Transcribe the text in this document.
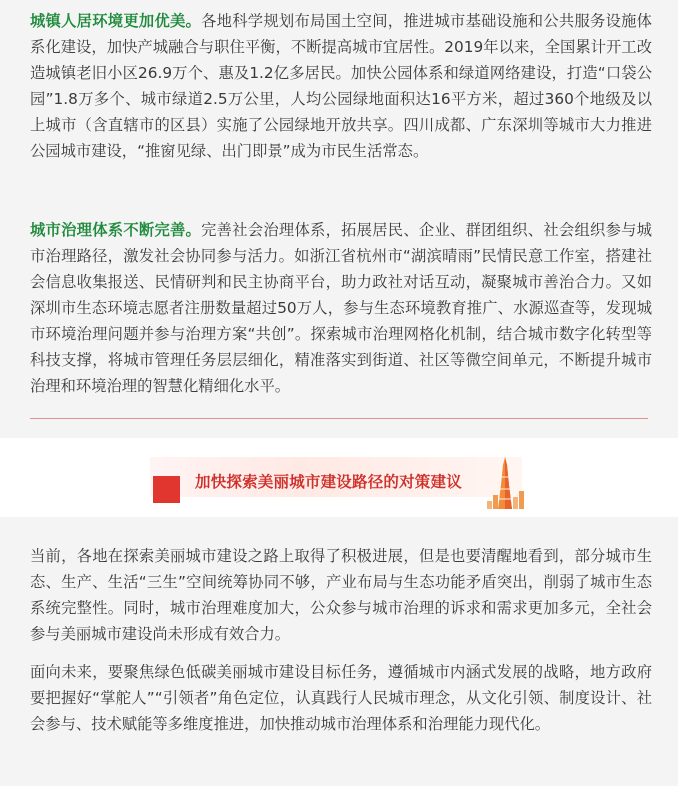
城镇人居环境更加优美。各地科学规划布局国土空间，推进城市基础设施和公共服务设施体系化建设，加快产城融合与职住平衡，不断提高城市宜居性。2019年以来，全国累计开工改造城镇老旧小区26.9万个、惠及1.2亿多居民。加快公园体系和绿道网络建设，打造“口袋公园”1.8万多个、城市绿道2.5万公里，人均公园绿地面积达16平方米，超过360个地级及以上城市（含直辖市的区县）实施了公园绿地开放共享。四川成都、广东深圳等城市大力推进公园城市建设，“推窗见绿、出门即景”成为市民生活常态。
城市治理体系不断完善。完善社会治理体系，拓展居民、企业、群团组织、社会组织参与城市治理路径，激发社会协同参与活力。如浙江省杭州市“湖滨晴雨”民情民意工作室，搭建社会信息收集报送、民情研判和民主协商平台，助力政社对话互动，凝聚城市善治合力。又如深圳市生态环境志愿者注册数量超过50万人，参与生态环境教育推广、水源巡查等，发现城市环境治理问题并参与治理方案“共创”。探索城市治理网格化机制，结合城市数字化转型等科技支撑，将城市管理任务层层细化，精准落实到街道、社区等微空间单元，不断提升城市治理和环境治理的智慧化精细化水平。
加快探索美丽城市建设路径的对策建议
当前，各地在探索美丽城市建设之路上取得了积极进展，但是也要清醒地看到，部分城市生态、生产、生活“三生”空间统筹协同不够，产业布局与生态功能矛盾突出，削弱了城市生态系统完整性。同时，城市治理难度加大，公众参与城市治理的诉求和需求更加多元，全社会参与美丽城市建设尚未形成有效合力。
面向未来，要聚焦绿色低碳美丽城市建设目标任务，遵循城市内涵式发展的战略，地方政府要把握好“掌舵人”“引领者”角色定位，认真践行人民城市理念，从文化引领、制度设计、社会参与、技术赋能等多维度推进，加快推动城市治理体系和治理能力现代化。
